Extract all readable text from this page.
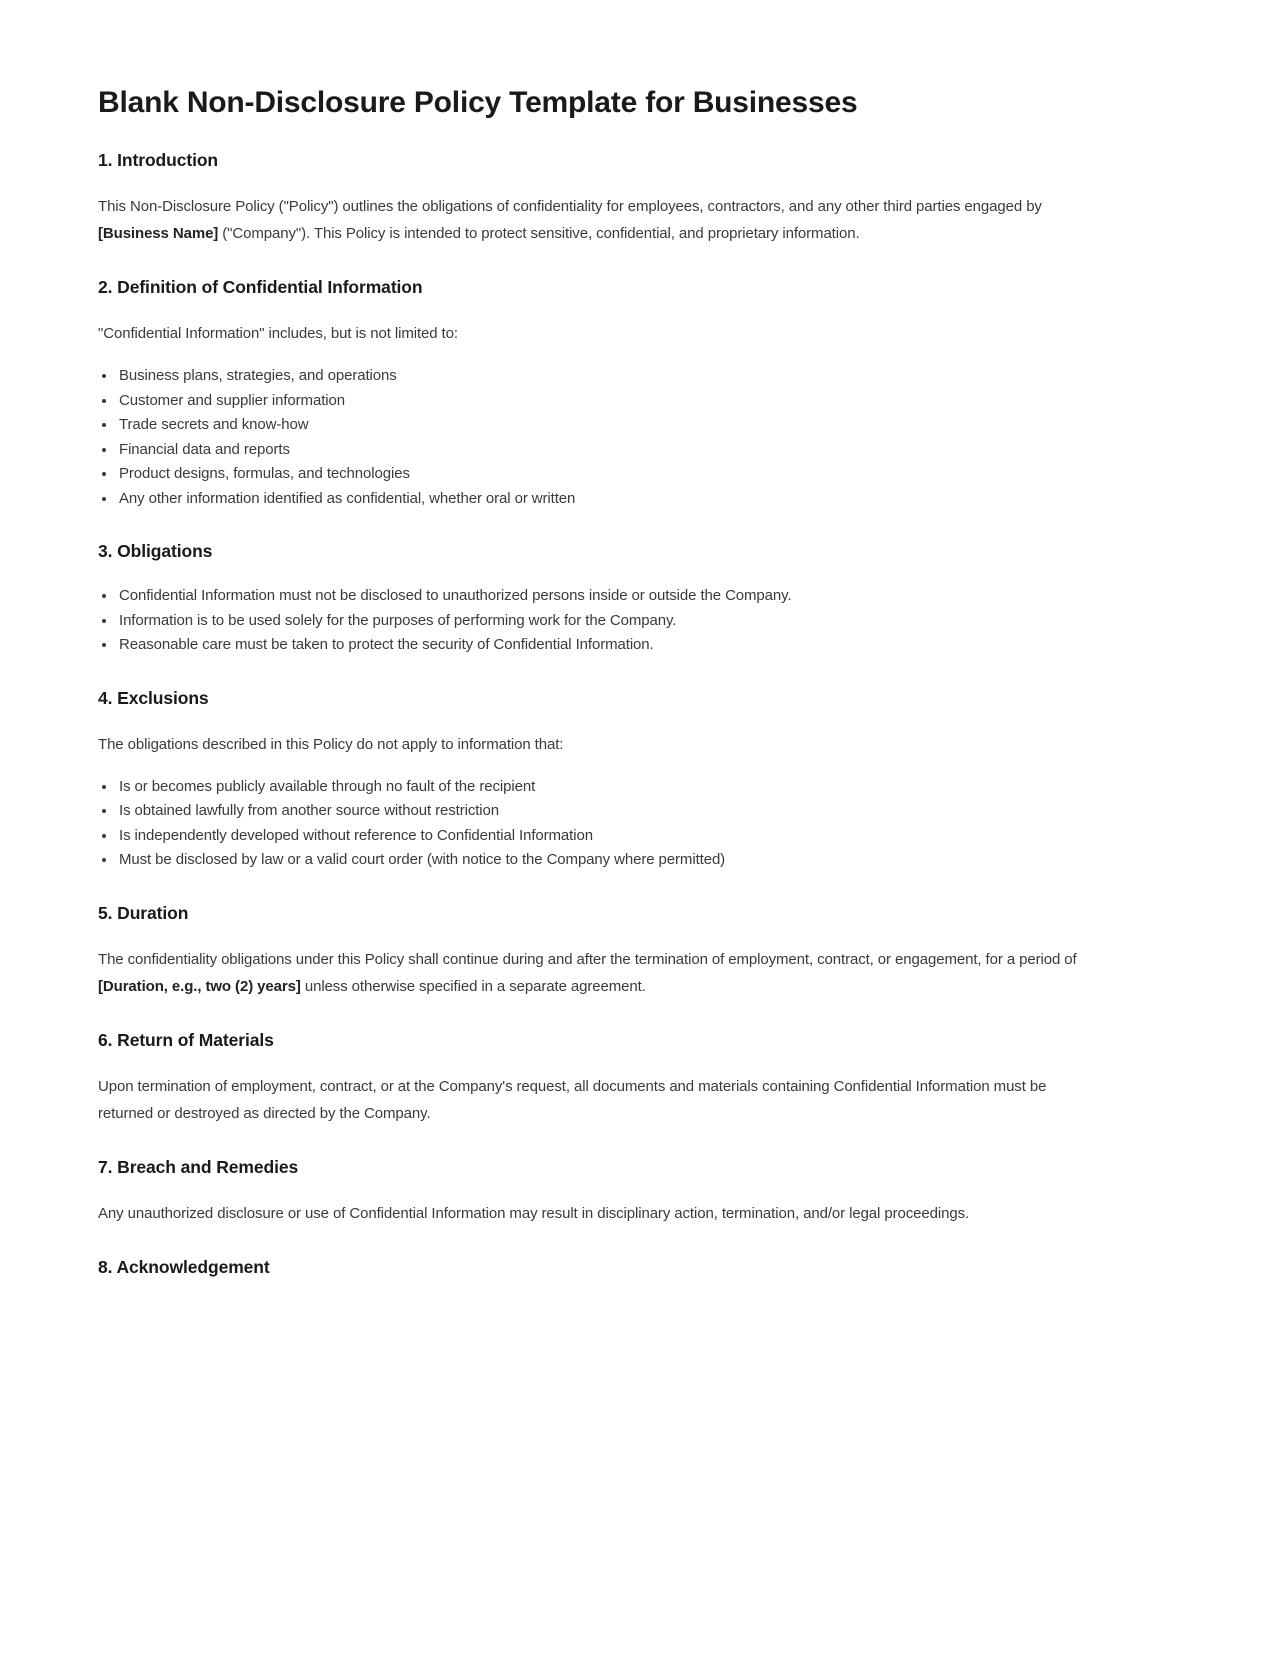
Blank Non-Disclosure Policy Template for Businesses
1. Introduction

This Non-Disclosure Policy ("Policy") outlines the obligations of confidentiality for employees, contractors, and any other third parties engaged by [Business Name] ("Company"). This Policy is intended to protect sensitive, confidential, and proprietary information.

2. Definition of Confidential Information

"Confidential Information" includes, but is not limited to:

• Business plans, strategies, and operations
• Customer and supplier information
• Trade secrets and know-how
• Financial data and reports
• Product designs, formulas, and technologies
• Any other information identified as confidential, whether oral or written
3. Obligations
• Confidential Information must not be disclosed to unauthorized persons inside or outside the Company.
• Information is to be used solely for the purposes of performing work for the Company.
• Reasonable care must be taken to protect the security of Confidential Information.
4. Exclusions

The obligations described in this Policy do not apply to information that:

• Is or becomes publicly available through no fault of the recipient
• Is obtained lawfully from another source without restriction
• Is independently developed without reference to Confidential Information
• Must be disclosed by law or a valid court order (with notice to the Company where permitted)
5. Duration

The confidentiality obligations under this Policy shall continue during and after the termination of employment, contract, or engagement, for a period of [Duration, e.g., two (2) years] unless otherwise specified in a separate agreement.

6. Return of Materials

Upon termination of employment, contract, or at the Company's request, all documents and materials containing Confidential Information must be returned or destroyed as directed by the Company.

7. Breach and Remedies

Any unauthorized disclosure or use of Confidential Information may result in disciplinary action, termination, and/or legal proceedings.

8. Acknowledgement
